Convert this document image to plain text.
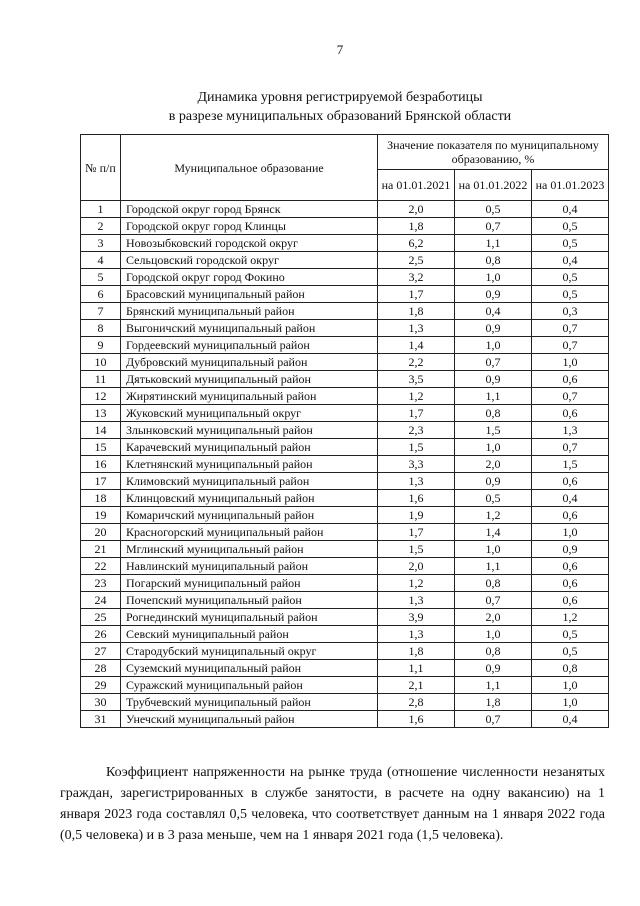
7
Динамика уровня регистрируемой безработицы
в разрезе муниципальных образований Брянской области
№ п/п	Муниципальное образование	Значение показателя по муниципальному образованию, %		
		на 01.01.2021	на 01.01.2022	на 01.01.2023
1	Городской округ город Брянск	2,0	0,5	0,4
2	Городской округ город Клинцы	1,8	0,7	0,5
3	Новозыбковский городской округ	6,2	1,1	0,5
4	Сельцовский городской округ	2,5	0,8	0,4
5	Городской округ город Фокино	3,2	1,0	0,5
6	Брасовский муниципальный район	1,7	0,9	0,5
7	Брянский муниципальный район	1,8	0,4	0,3
8	Выгоничский муниципальный район	1,3	0,9	0,7
9	Гордеевский муниципальный район	1,4	1,0	0,7
10	Дубровский муниципальный район	2,2	0,7	1,0
11	Дятьковский муниципальный район	3,5	0,9	0,6
12	Жирятинский муниципальный район	1,2	1,1	0,7
13	Жуковский муниципальный округ	1,7	0,8	0,6
14	Злынковский муниципальный район	2,3	1,5	1,3
15	Карачевский муниципальный район	1,5	1,0	0,7
16	Клетнянский муниципальный район	3,3	2,0	1,5
17	Климовский муниципальный район	1,3	0,9	0,6
18	Клинцовский муниципальный район	1,6	0,5	0,4
19	Комаричский муниципальный район	1,9	1,2	0,6
20	Красногорский муниципальный район	1,7	1,4	1,0
21	Мглинский муниципальный район	1,5	1,0	0,9
22	Навлинский муниципальный район	2,0	1,1	0,6
23	Погарский муниципальный район	1,2	0,8	0,6
24	Почепский муниципальный район	1,3	0,7	0,6
25	Рогнединский муниципальный район	3,9	2,0	1,2
26	Севский муниципальный район	1,3	1,0	0,5
27	Стародубский муниципальный округ	1,8	0,8	0,5
28	Суземский муниципальный район	1,1	0,9	0,8
29	Суражский муниципальный район	2,1	1,1	1,0
30	Трубчевский муниципальный район	2,8	1,8	1,0
31	Унечский муниципальный район	1,6	0,7	0,4

Коэффициент напряженности на рынке труда (отношение численности незанятых граждан, зарегистрированных в службе занятости, в расчете на одну вакансию) на 1 января 2023 года составлял 0,5 человека, что соответствует данным на 1 января 2022 года (0,5 человека) и в 3 раза меньше, чем на 1 января 2021 года (1,5 человека).
